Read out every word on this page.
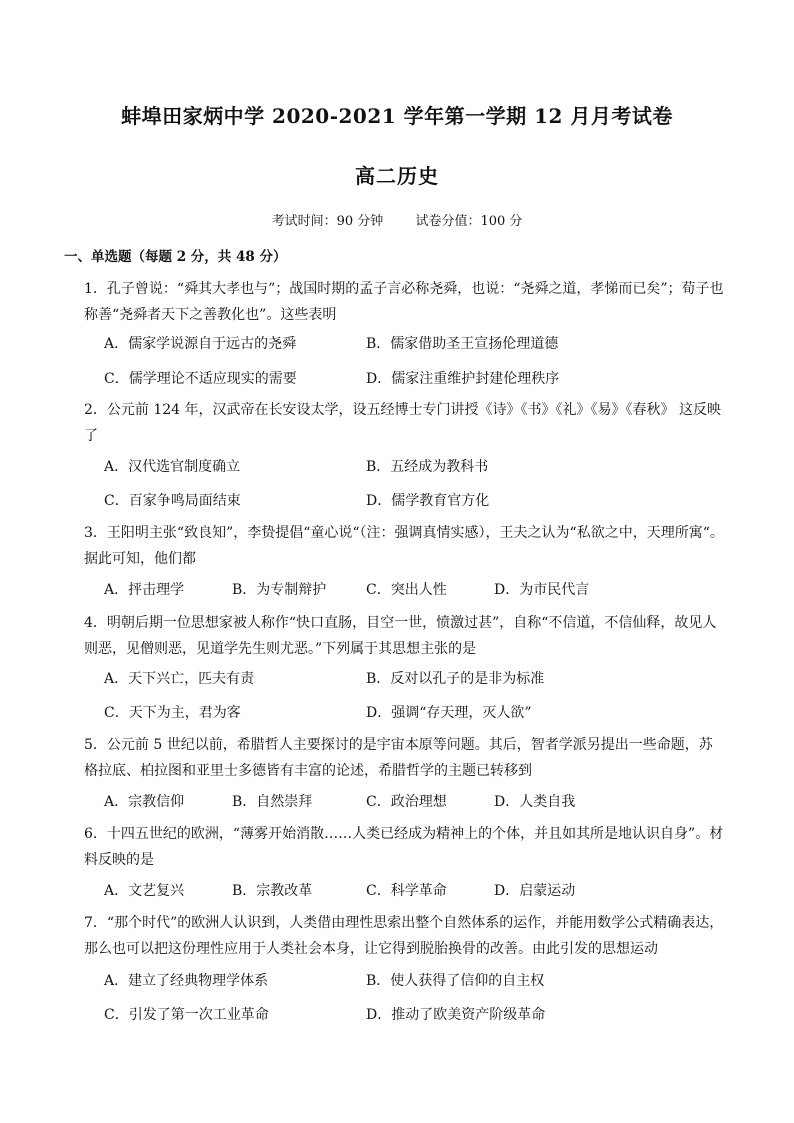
蚌埠田家炳中学 2020-2021 学年第一学期 12 月月考试卷
高二历史
考试时间：90 分钟 试卷分值：100 分
一、单选题（每题 2 分，共 48 分）
1．孔子曾说：“舜其大孝也与”；战国时期的孟子言必称尧舜，也说：“尧舜之道，孝悌而已矣”；荀子也称善“尧舜者天下之善教化也”。这些表明
A．儒家学说源自于远古的尧舜	B．儒家借助圣王宣扬伦理道德
C．儒学理论不适应现实的需要	D．儒家注重维护封建伦理秩序
2．公元前 124 年，汉武帝在长安设太学，设五经博士专门讲授《诗》《书》《礼》《易》《春秋》 这反映了
A．汉代选官制度确立	B．五经成为教科书
C．百家争鸣局面结束	D．儒学教育官方化
3．王阳明主张“致良知”，李贽提倡“童心说“（注：强调真情实感），王夫之认为“私欲之中，天理所寓“。据此可知，他们都
A．抨击理学	B．为专制辩护	C．突出人性	D．为市民代言
4．明朝后期一位思想家被人称作“快口直肠，目空一世，愤激过甚”，自称“不信道，不信仙释，故见人则恶，见僧则恶，见道学先生则尤恶。”下列属于其思想主张的是
A．天下兴亡，匹夫有责	B．反对以孔子的是非为标准
C．天下为主，君为客	D．强调“存天理，灭人欲”
5．公元前 5 世纪以前，希腊哲人主要探讨的是宇宙本原等问题。其后，智者学派另提出一些命题，苏格拉底、柏拉图和亚里士多德皆有丰富的论述，希腊哲学的主题已转移到
A．宗教信仰	B．自然崇拜	C．政治理想	D．人类自我
6．十四五世纪的欧洲，“薄雾开始消散……人类已经成为精神上的个体，并且如其所是地认识自身”。材料反映的是
A．文艺复兴	B．宗教改革	C．科学革命	D．启蒙运动
7．“那个时代”的欧洲人认识到，人类借由理性思索出整个自然体系的运作，并能用数学公式精确表达，那么也可以把这份理性应用于人类社会本身，让它得到脱胎换骨的改善。由此引发的思想运动
A．建立了经典物理学体系	B．使人获得了信仰的自主权
C．引发了第一次工业革命	D．推动了欧美资产阶级革命
